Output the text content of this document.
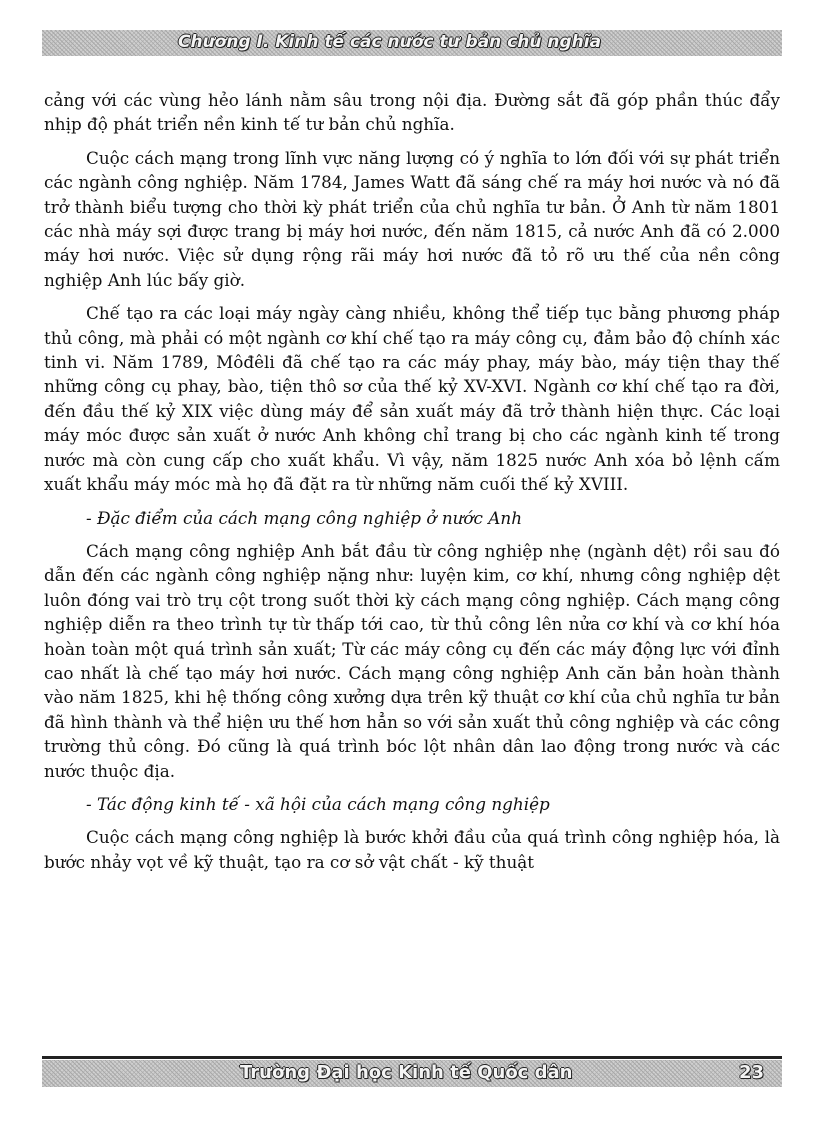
Chương I. Kinh tế các nước tư bản chủ nghĩa

cảng với các vùng hẻo lánh nằm sâu trong nội địa. Đường sắt đã góp phần thúc đẩy nhịp độ phát triển nền kinh tế tư bản chủ nghĩa.

Cuộc cách mạng trong lĩnh vực năng lượng có ý nghĩa to lớn đối với sự phát triển các ngành công nghiệp. Năm 1784, James Watt đã sáng chế ra máy hơi nước và nó đã trở thành biểu tượng cho thời kỳ phát triển của chủ nghĩa tư bản. Ở Anh từ năm 1801 các nhà máy sợi được trang bị máy hơi nước, đến năm 1815, cả nước Anh đã có 2.000 máy hơi nước. Việc sử dụng rộng rãi máy hơi nước đã tỏ rõ ưu thế của nền công nghiệp Anh lúc bấy giờ.

Chế tạo ra các loại máy ngày càng nhiều, không thể tiếp tục bằng phương pháp thủ công, mà phải có một ngành cơ khí chế tạo ra máy công cụ, đảm bảo độ chính xác tinh vi. Năm 1789, Môđêli đã chế tạo ra các máy phay, máy bào, máy tiện thay thế những công cụ phay, bào, tiện thô sơ của thế kỷ XV-XVI. Ngành cơ khí chế tạo ra đời, đến đầu thế kỷ XIX việc dùng máy để sản xuất máy đã trở thành hiện thực. Các loại máy móc được sản xuất ở nước Anh không chỉ trang bị cho các ngành kinh tế trong nước mà còn cung cấp cho xuất khẩu. Vì vậy, năm 1825 nước Anh xóa bỏ lệnh cấm xuất khẩu máy móc mà họ đã đặt ra từ những năm cuối thế kỷ XVIII.

- Đặc điểm của cách mạng công nghiệp ở nước Anh

Cách mạng công nghiệp Anh bắt đầu từ công nghiệp nhẹ (ngành dệt) rồi sau đó dẫn đến các ngành công nghiệp nặng như: luyện kim, cơ khí, nhưng công nghiệp dệt luôn đóng vai trò trụ cột trong suốt thời kỳ cách mạng công nghiệp. Cách mạng công nghiệp diễn ra theo trình tự từ thấp tới cao, từ thủ công lên nửa cơ khí và cơ khí hóa hoàn toàn một quá trình sản xuất; Từ các máy công cụ đến các máy động lực với đỉnh cao nhất là chế tạo máy hơi nước. Cách mạng công nghiệp Anh căn bản hoàn thành vào năm 1825, khi hệ thống công xưởng dựa trên kỹ thuật cơ khí của chủ nghĩa tư bản đã hình thành và thể hiện ưu thế hơn hẳn so với sản xuất thủ công nghiệp và các công trường thủ công. Đó cũng là quá trình bóc lột nhân dân lao động trong nước và các nước thuộc địa.

- Tác động kinh tế - xã hội của cách mạng công nghiệp

Cuộc cách mạng công nghiệp là bước khởi đầu của quá trình công nghiệp hóa, là bước nhảy vọt về kỹ thuật, tạo ra cơ sở vật chất - kỹ thuật

Trường Đại học Kinh tế Quốc dân	23
